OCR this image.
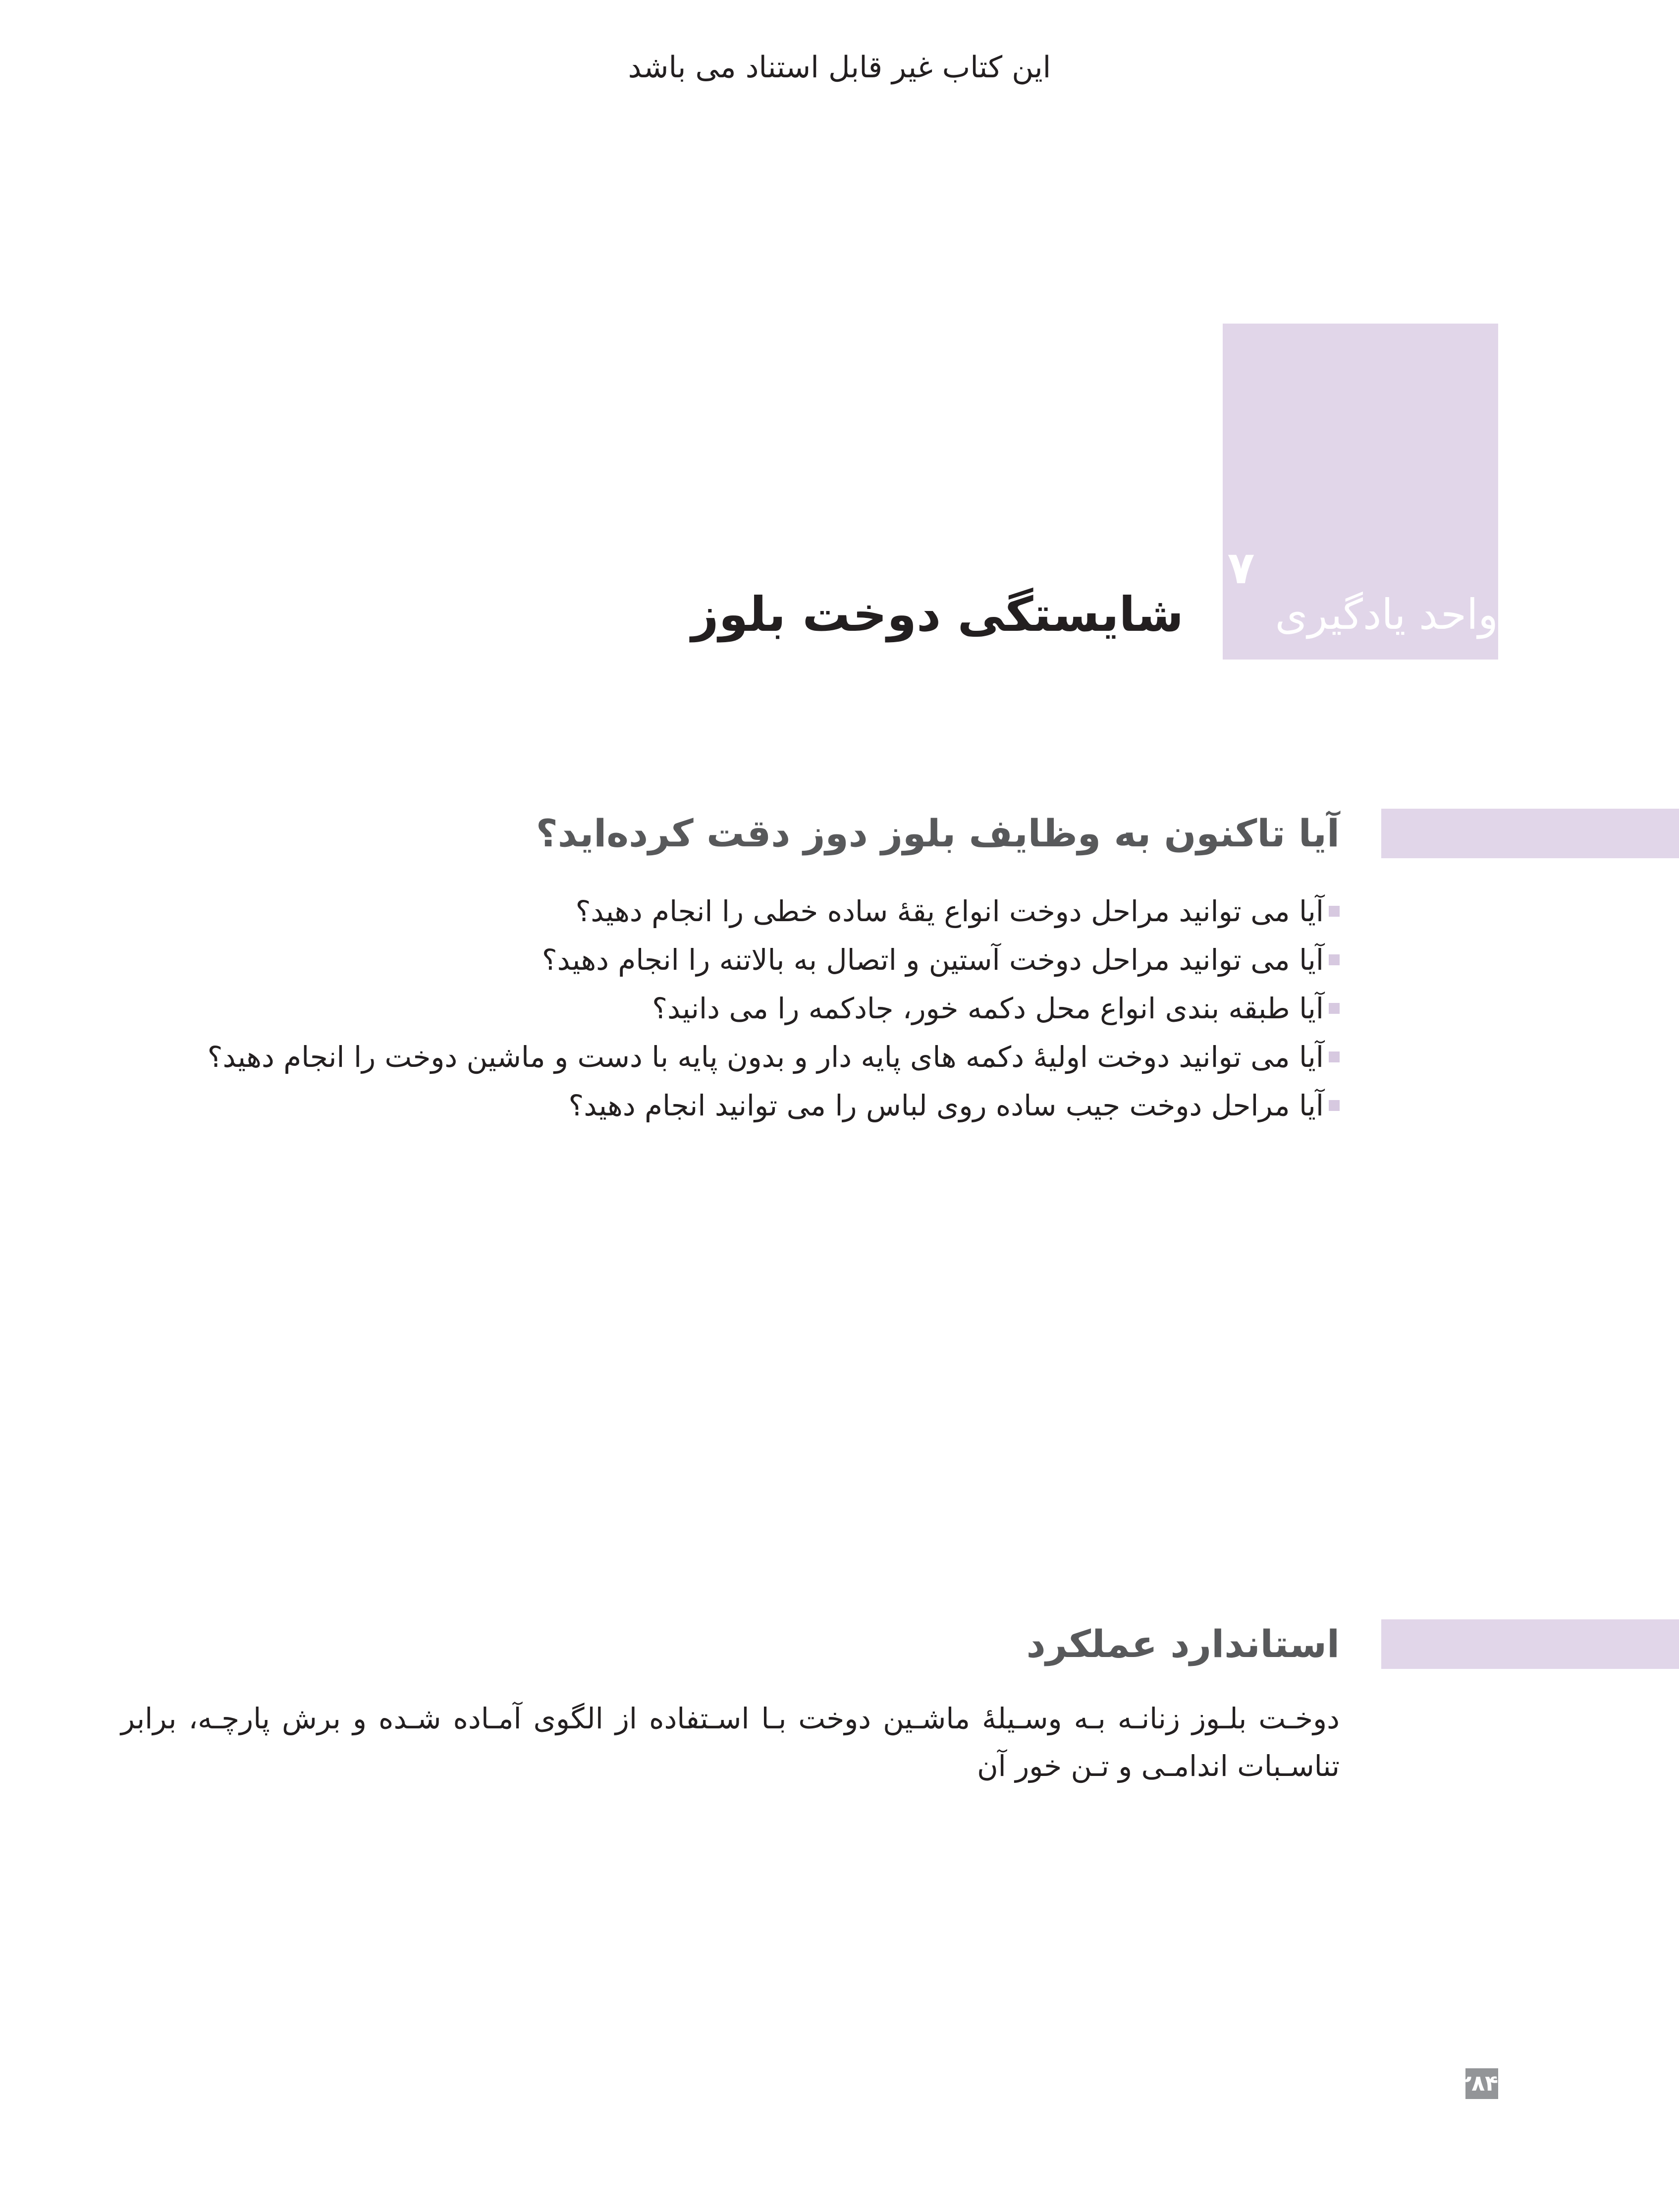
این کتاب غیر قابل استناد می باشد
۷
واحد یادگیری
شایستگی دوخت بلوز
آیا تاکنون به وظایف بلوز دوز دقت کرده‌اید؟
آیا می توانید مراحل دوخت انواع یقهٔ ساده خطی را انجام دهید؟
آیا می توانید مراحل دوخت آستین و اتصال به بالاتنه را انجام دهید؟
آیا طبقه بندی انواع محل دکمه خور، جادکمه را می دانید؟
آیا می توانید دوخت اولیهٔ دکمه های پایه دار و بدون پایه با دست و ماشین دوخت را انجام دهید؟
آیا مراحل دوخت جیب ساده روی لباس را می توانید انجام دهید؟
استاندارد عملکرد
دوخـت بلـوز زنانـه بـه وسـیلهٔ ماشـین دوخت بـا اسـتفاده از الگوی آمـاده شـده و برش پارچـه، برابر تناسـبات اندامـی و تـن خور آن
۲۸۴
